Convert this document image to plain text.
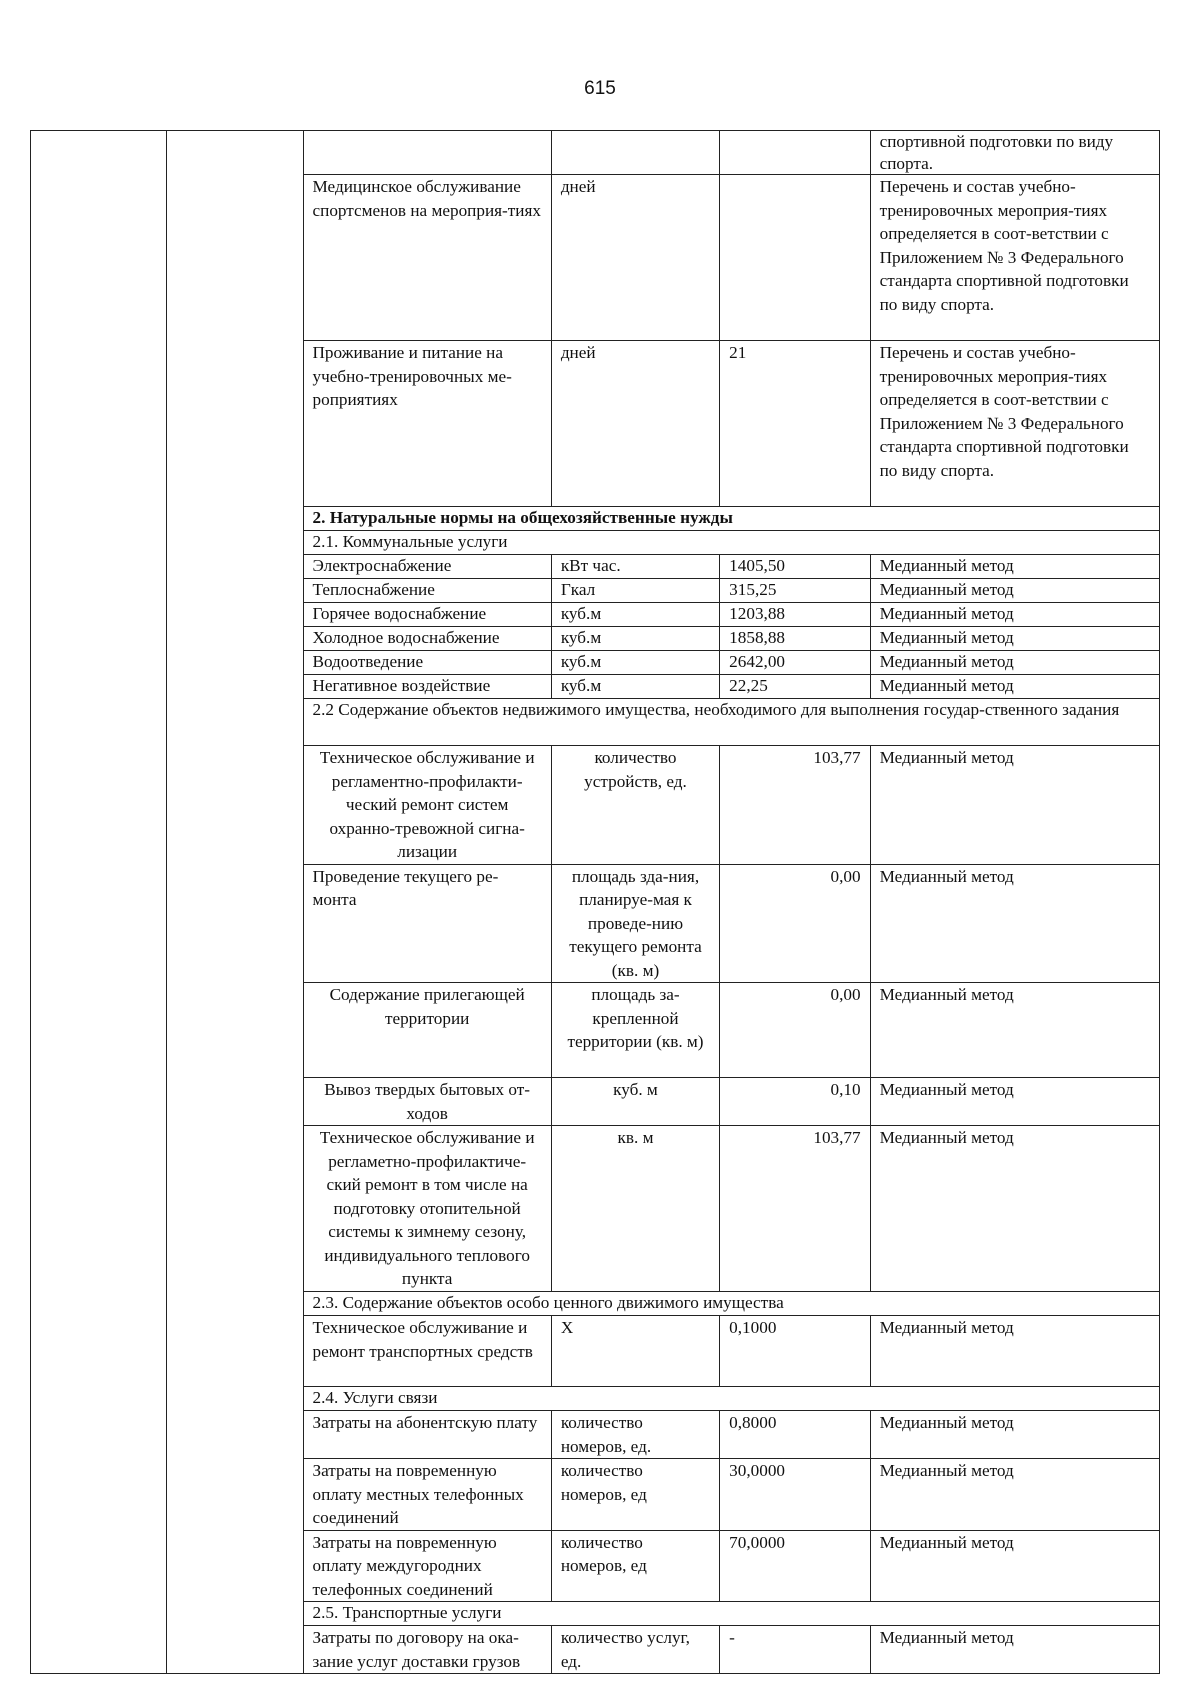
615
					спортивной подготовки по виду спорта.
		Медицинское обслуживание спортсменов на мероприя-тиях	дней		Перечень и состав учебно-тренировочных мероприя-тиях определяется в соот-ветствии с Приложением № 3 Федерального стандарта спортивной подготовки по виду спорта.
		Проживание и питание на учебно-тренировочных ме-роприятиях	дней	21	Перечень и состав учебно-тренировочных мероприя-тиях определяется в соот-ветствии с Приложением № 3 Федерального стандарта спортивной подготовки по виду спорта.
		2. Натуральные нормы на общехозяйственные нужды			
		2.1. Коммунальные услуги			
		Электроснабжение	кВт час.	1405,50	Медианный метод
		Теплоснабжение	Гкал	315,25	Медианный метод
		Горячее водоснабжение	куб.м	1203,88	Медианный метод
		Холодное водоснабжение	куб.м	1858,88	Медианный метод
		Водоотведение	куб.м	2642,00	Медианный метод
		Негативное воздействие	куб.м	22,25	Медианный метод
		2.2 Содержание объектов недвижимого имущества, необходимого для выполнения государ-ственного задания			
		Техническое обслуживание и регламентно-профилакти-ческий ремонт систем охранно-тревожной сигна-лизации	количество устройств, ед.	103,77	Медианный метод
		Проведение текущего ре-монта	площадь зда-ния, планируе-мая к проведе-нию текущего ремонта (кв. м)	0,00	Медианный метод
		Содержание прилегающей территории	площадь за-крепленной территории (кв. м)	0,00	Медианный метод
		Вывоз твердых бытовых от-ходов	куб. м	0,10	Медианный метод
		Техническое обслуживание и регламетно-профилактиче-ский ремонт в том числе на подготовку отопительной системы к зимнему сезону, индивидуального теплового пункта	кв. м	103,77	Медианный метод
		2.3. Содержание объектов особо ценного движимого имущества			
		Техническое обслуживание и ремонт транспортных средств	Х	0,1000	Медианный метод
		2.4. Услуги связи			
		Затраты на абонентскую плату	количество номеров, ед.	0,8000	Медианный метод
		Затраты на повременную оплату местных телефонных соединений	количество номеров, ед	30,0000	Медианный метод
		Затраты на повременную оплату междугородних телефонных соединений	количество номеров, ед	70,0000	Медианный метод
		2.5. Транспортные услуги			
		Затраты по договору на ока-зание услуг доставки грузов	количество услуг, ед.	-	Медианный метод
